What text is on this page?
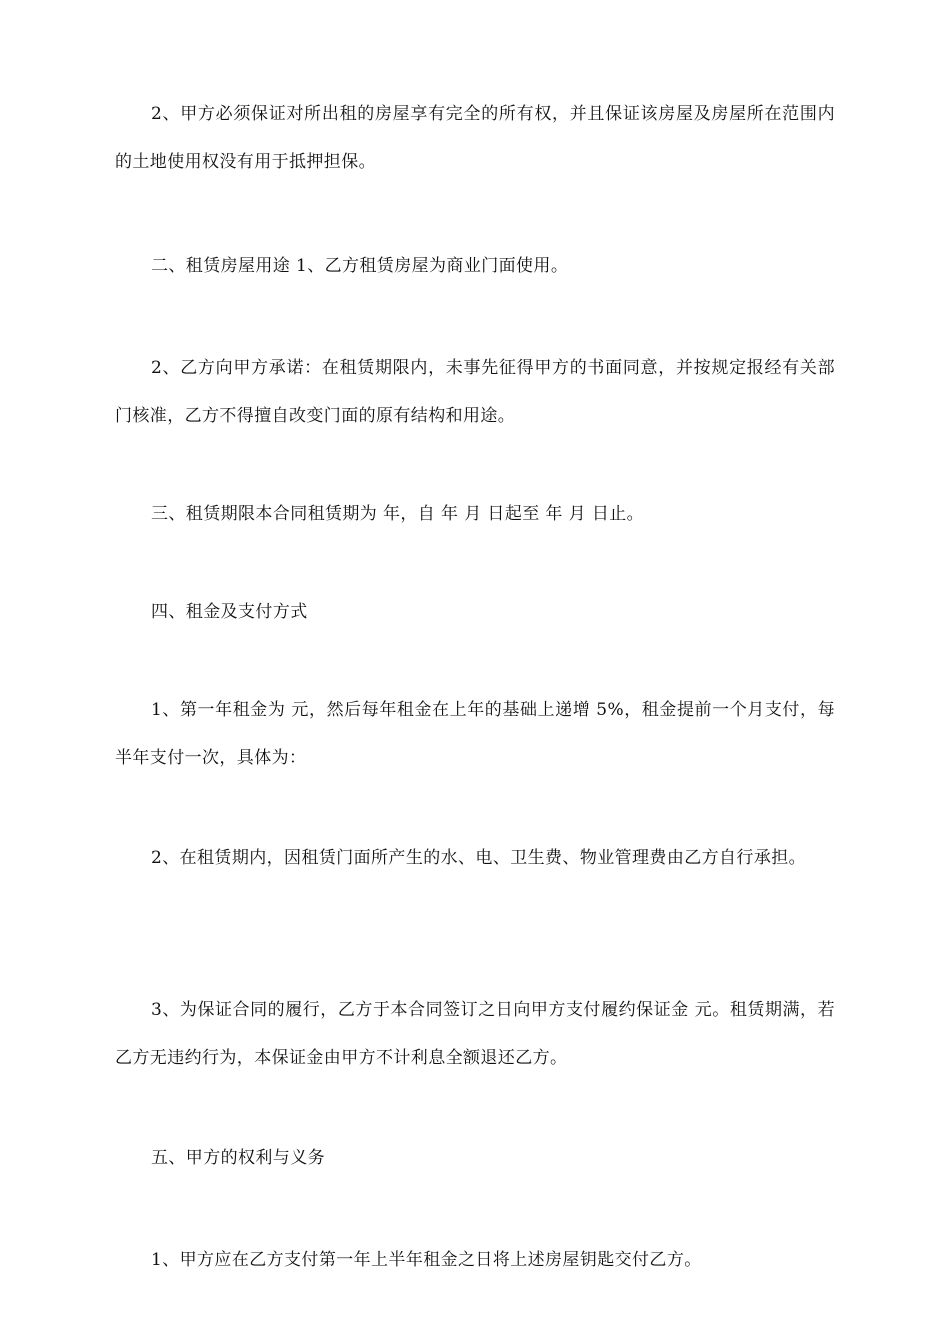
2、甲方必须保证对所出租的房屋享有完全的所有权，并且保证该房屋及房屋所在范围内的土地使用权没有用于抵押担保。

二、租赁房屋用途 1、乙方租赁房屋为商业门面使用。

2、乙方向甲方承诺：在租赁期限内，未事先征得甲方的书面同意，并按规定报经有关部门核准，乙方不得擅自改变门面的原有结构和用途。

三、租赁期限本合同租赁期为 年，自 年 月 日起至 年 月 日止。

四、租金及支付方式

1、第一年租金为 元，然后每年租金在上年的基础上递增 5%，租金提前一个月支付，每半年支付一次，具体为：

2、在租赁期内，因租赁门面所产生的水、电、卫生费、物业管理费由乙方自行承担。

3、为保证合同的履行，乙方于本合同签订之日向甲方支付履约保证金 元。租赁期满，若乙方无违约行为，本保证金由甲方不计利息全额退还乙方。

五、甲方的权利与义务

1、甲方应在乙方支付第一年上半年租金之日将上述房屋钥匙交付乙方。
